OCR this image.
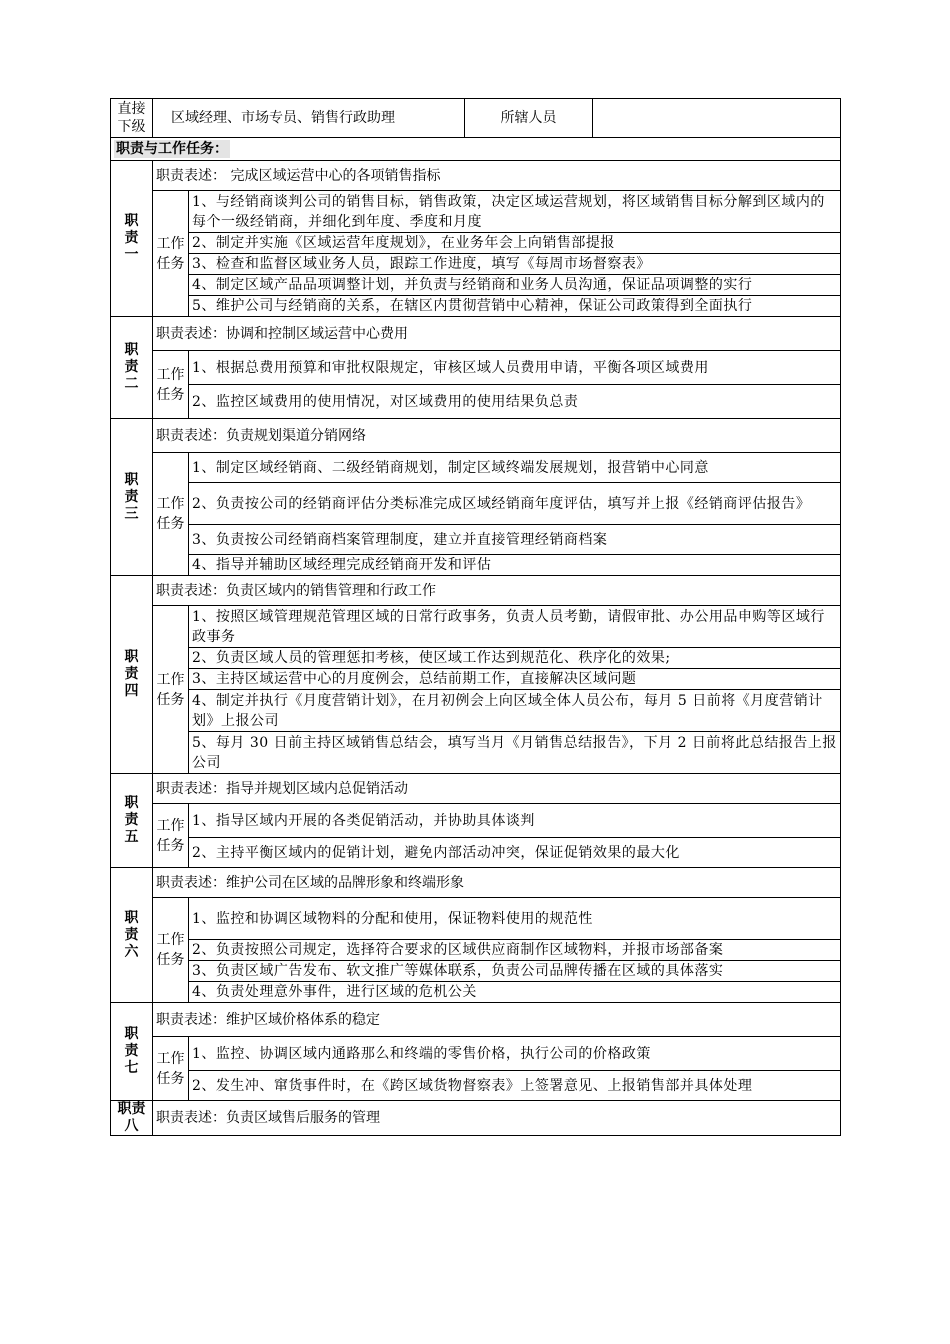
直接下级	区域经理、市场专员、销售行政助理		所辖人员	
职责与工作任务：				
职责一	职责表述： 完成区域运营中心的各项销售指标			
	工作任务	1、与经销商谈判公司的销售目标，销售政策，决定区域运营规划，将区域销售目标分解到区域内的每个一级经销商，并细化到年度、季度和月度		
		2、制定并实施《区域运营年度规划》，在业务年会上向销售部提报		
		3、检查和监督区域业务人员，跟踪工作进度，填写《每周市场督察表》		
		4、制定区域产品品项调整计划，并负责与经销商和业务人员沟通，保证品项调整的实行		
		5、维护公司与经销商的关系，在辖区内贯彻营销中心精神，保证公司政策得到全面执行		
职责二	职责表述：协调和控制区域运营中心费用			
	工作任务	1、根据总费用预算和审批权限规定，审核区域人员费用申请，平衡各项区域费用		
		2、监控区域费用的使用情况，对区域费用的使用结果负总责		
职责三	职责表述：负责规划渠道分销网络			
	工作任务	1、制定区域经销商、二级经销商规划，制定区域终端发展规划，报营销中心同意		
		2、负责按公司的经销商评估分类标准完成区域经销商年度评估，填写并上报《经销商评估报告》		
		3、负责按公司经销商档案管理制度，建立并直接管理经销商档案		
		4、指导并辅助区域经理完成经销商开发和评估		
职责四	职责表述：负责区域内的销售管理和行政工作			
	工作任务	1、按照区域管理规范管理区域的日常行政事务，负责人员考勤，请假审批、办公用品申购等区域行政事务		
		2、负责区域人员的管理惩扣考核，使区域工作达到规范化、秩序化的效果;		
		3、主持区域运营中心的月度例会，总结前期工作，直接解决区域问题		
		4、制定并执行《月度营销计划》，在月初例会上向区域全体人员公布，每月 5 日前将《月度营销计划》上报公司		
		5、每月 30 日前主持区域销售总结会，填写当月《月销售总结报告》，下月 2 日前将此总结报告上报公司		
职责五	职责表述：指导并规划区域内总促销活动			
	工作任务	1、指导区域内开展的各类促销活动，并协助具体谈判		
		2、主持平衡区域内的促销计划，避免内部活动冲突，保证促销效果的最大化		
职责六	职责表述：维护公司在区域的品牌形象和终端形象			
	工作任务	1、监控和协调区域物料的分配和使用，保证物料使用的规范性		
		2、负责按照公司规定，选择符合要求的区域供应商制作区域物料，并报市场部备案		
		3、负责区域广告发布、软文推广等媒体联系，负责公司品牌传播在区域的具体落实		
		4、负责处理意外事件，进行区域的危机公关		
职责七	职责表述：维护区域价格体系的稳定			
	工作任务	1、监控、协调区域内通路那么和终端的零售价格，执行公司的价格政策		
		2、发生冲、窜货事件时，在《跨区域货物督察表》上签署意见、上报销售部并具体处理		
职责八	职责表述：负责区域售后服务的管理			
